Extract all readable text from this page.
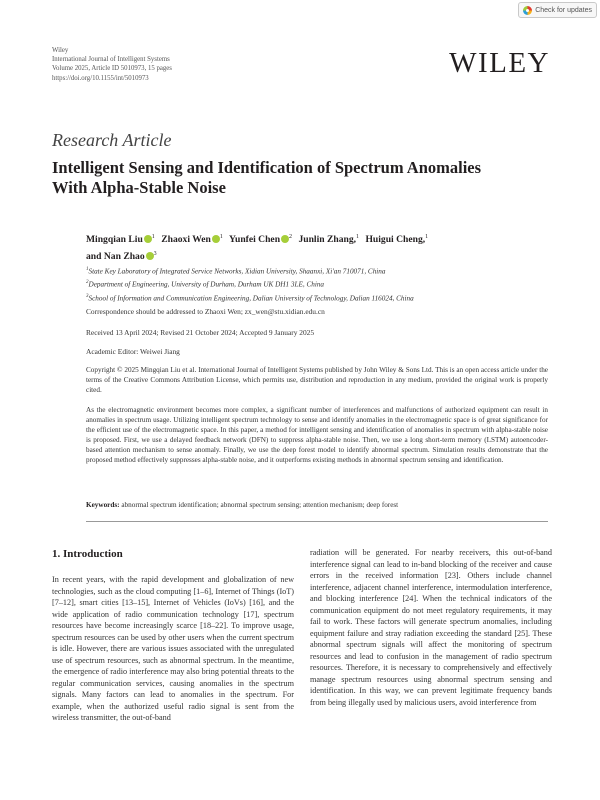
Check for updates
Wiley
International Journal of Intelligent Systems
Volume 2025, Article ID 5010973, 15 pages
https://doi.org/10.1155/int/5010973	WILEY
Research Article
Intelligent Sensing and Identification of Spectrum Anomalies With Alpha-Stable Noise
Mingqian Liu $^1$ Zhaoxi Wen $^1$ Yunfei Chen $^2$ Junlin Zhang,$^1$ Huigui Cheng,$^1$
and Nan Zhao $^3$
$^1$State Key Laboratory of Integrated Service Networks, Xidian University, Shaanxi, Xi'an 710071, China
$^2$Department of Engineering, University of Durham, Durham UK DH1 3LE, China
$^3$School of Information and Communication Engineering, Dalian University of Technology, Dalian 116024, China
Correspondence should be addressed to Zhaoxi Wen; zx_wen@stu.xidian.edu.cn
Received 13 April 2024; Revised 21 October 2024; Accepted 9 January 2025
Academic Editor: Weiwei Jiang
Copyright © 2025 Mingqian Liu et al. International Journal of Intelligent Systems published by John Wiley & Sons Ltd. This is an open access article under the terms of the Creative Commons Attribution License, which permits use, distribution and reproduction in any medium, provided the original work is properly cited.
As the electromagnetic environment becomes more complex, a significant number of interferences and malfunctions of authorized equipment can result in anomalies in spectrum usage. Utilizing intelligent spectrum technology to sense and identify anomalies in the electromagnetic space is of great significance for the efficient use of the electromagnetic space. In this paper, a method for intelligent sensing and identification of anomalies in spectrum with alpha-stable noise is proposed. First, we use a delayed feedback network (DFN) to suppress alpha-stable noise. Then, we use a long short-term memory (LSTM) autoencoder-based attention mechanism to sense anomaly. Finally, we use the deep forest model to identify abnormal spectrum. Simulation results demonstrate that the proposed method effectively suppresses alpha-stable noise, and it outperforms existing methods in abnormal spectrum sensing and identification.
Keywords: abnormal spectrum identification; abnormal spectrum sensing; attention mechanism; deep forest
1. Introduction
In recent years, with the rapid development and globalization of new technologies, such as the cloud computing [1–6], Internet of Things (IoT) [7–12], smart cities [13–15], Internet of Vehicles (IoVs) [16], and the wide application of radio communication technology [17], spectrum resources have become increasingly scarce [18–22]. To improve usage, spectrum resources can be used by other users when the current spectrum is idle. However, there are various issues associated with the unregulated use of spectrum resources, such as abnormal spectrum. In the meantime, the emergence of radio interference may also bring potential threats to the regular communication services, causing anomalies in the spectrum signals. Many factors can lead to anomalies in the spectrum. For example, when the authorized useful radio signal is sent from the wireless transmitter, the out-of-band
radiation will be generated. For nearby receivers, this out-of-band interference signal can lead to in-band blocking of the receiver and cause errors in the received information [23]. Others include channel interference, adjacent channel interference, intermodulation interference, and blocking interference [24]. When the technical indicators of the communication equipment do not meet regulatory requirements, it may fail to work. These factors will generate spectrum anomalies, including equipment failure and stray radiation exceeding the standard [25]. These abnormal spectrum signals will affect the monitoring of spectrum resources and lead to confusion in the management of radio spectrum resources. Therefore, it is necessary to comprehensively and effectively manage spectrum resources using abnormal spectrum sensing and identification. In this way, we can prevent legitimate frequency bands from being illegally used by malicious users, avoid interference from
